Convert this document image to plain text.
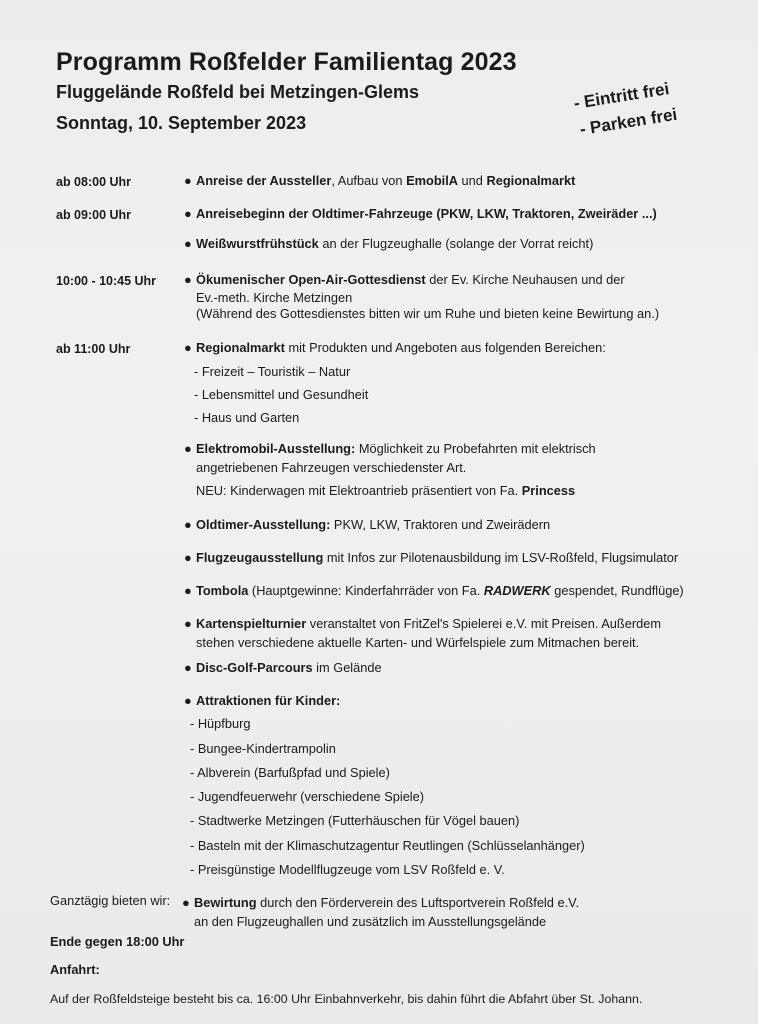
Programm Roßfelder Familientag 2023
Fluggelände Roßfeld bei Metzingen-Glems
Sonntag, 10. September 2023
- Eintritt frei
- Parken frei
ab 08:00 Uhr	● Anreise der Aussteller, Aufbau von EmobilA und Regionalmarkt
ab 09:00 Uhr	● Anreisebeginn der Oldtimer-Fahrzeuge (PKW, LKW, Traktoren, Zweiräder ...)
● Weißwurstfrühstück an der Flugzeughalle (solange der Vorrat reicht)
10:00 - 10:45 Uhr ● Ökumenischer Open-Air-Gottesdienst der Ev. Kirche Neuhausen und der
Ev.-meth. Kirche Metzingen
(Während des Gottesdienstes bitten wir um Ruhe und bieten keine Bewirtung an.)
ab 11:00 Uhr	● Regionalmarkt mit Produkten und Angeboten aus folgenden Bereichen:
- Freizeit – Touristik – Natur
- Lebensmittel und Gesundheit
- Haus und Garten
● Elektromobil-Ausstellung: Möglichkeit zu Probefahrten mit elektrisch
angetriebenen Fahrzeugen verschiedenster Art.
NEU: Kinderwagen mit Elektroantrieb präsentiert von Fa. Princess
● Oldtimer-Ausstellung: PKW, LKW, Traktoren und Zweirädern
● Flugzeugausstellung mit Infos zur Pilotenausbildung im LSV-Roßfeld, Flugsimulator
● Tombola (Hauptgewinne: Kinderfahrräder von Fa. RADWERK gespendet, Rundflüge)
● Kartenspielturnier veranstaltet von FritZel's Spielerei e.V. mit Preisen. Außerdem
stehen verschiedene aktuelle Karten- und Würfelspiele zum Mitmachen bereit.
● Disc-Golf-Parcours im Gelände
● Attraktionen für Kinder:
- Hüpfburg
- Bungee-Kindertrampolin
- Albverein (Barfußpfad und Spiele)
- Jugendfeuerwehr (verschiedene Spiele)
- Stadtwerke Metzingen (Futterhäuschen für Vögel bauen)
- Basteln mit der Klimaschutzagentur Reutlingen (Schlüsselanhänger)
- Preisgünstige Modellflugzeuge vom LSV Roßfeld e. V.
Ganztägig bieten wir: ● Bewirtung durch den Förderverein des Luftsportverein Roßfeld e.V.
an den Flugzeughallen und zusätzlich im Ausstellungsgelände
Ende gegen 18:00 Uhr
Anfahrt:
Auf der Roßfeldsteige besteht bis ca. 16:00 Uhr Einbahnverkehr, bis dahin führt die Abfahrt über St. Johann.
